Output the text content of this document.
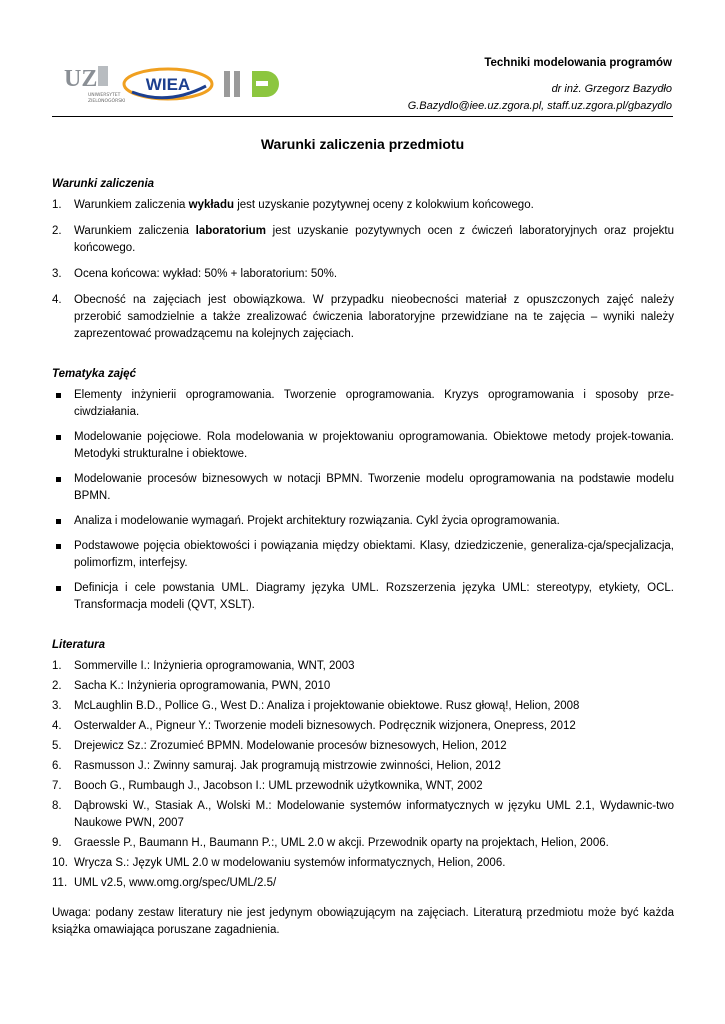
UZ
UNIWERSYTET
ZIELONOGÓRSKI
WIEA
Techniki modelowania programów
dr inż. Grzegorz Bazydło
G.Bazydlo@iee.uz.zgora.pl, staff.uz.zgora.pl/gbazydlo
Warunki zaliczenia przedmiotu
Warunki zaliczenia
1. Warunkiem zaliczenia wykładu jest uzyskanie pozytywnej oceny z kolokwium końcowego.
2. Warunkiem zaliczenia laboratorium jest uzyskanie pozytywnych ocen z ćwiczeń laboratoryjnych oraz projektu końcowego.
3. Ocena końcowa: wykład: 50% + laboratorium: 50%.
4. Obecność na zajęciach jest obowiązkowa. W przypadku nieobecności materiał z opuszczonych zajęć należy przerobić samodzielnie a także zrealizować ćwiczenia laboratoryjne przewidziane na te zajęcia – wyniki należy zaprezentować prowadzącemu na kolejnych zajęciach.
Tematyka zajęć
Elementy inżynierii oprogramowania. Tworzenie oprogramowania. Kryzys oprogramowania i sposoby prze-ciwdziałania.
Modelowanie pojęciowe. Rola modelowania w projektowaniu oprogramowania. Obiektowe metody projek-towania. Metodyki strukturalne i obiektowe.
Modelowanie procesów biznesowych w notacji BPMN. Tworzenie modelu oprogramowania na podstawie modelu BPMN.
Analiza i modelowanie wymagań. Projekt architektury rozwiązania. Cykl życia oprogramowania.
Podstawowe pojęcia obiektowości i powiązania między obiektami. Klasy, dziedziczenie, generaliza-cja/specjalizacja, polimorfizm, interfejsy.
Definicja i cele powstania UML. Diagramy języka UML. Rozszerzenia języka UML: stereotypy, etykiety, OCL. Transformacja modeli (QVT, XSLT).
Literatura
1. Sommerville I.: Inżynieria oprogramowania, WNT, 2003
2. Sacha K.: Inżynieria oprogramowania, PWN, 2010
3. McLaughlin B.D., Pollice G., West D.: Analiza i projektowanie obiektowe. Rusz głową!, Helion, 2008
4. Osterwalder A., Pigneur Y.: Tworzenie modeli biznesowych. Podręcznik wizjonera, Onepress, 2012
5. Drejewicz Sz.: Zrozumieć BPMN. Modelowanie procesów biznesowych, Helion, 2012
6. Rasmusson J.: Zwinny samuraj. Jak programują mistrzowie zwinności, Helion, 2012
7. Booch G., Rumbaugh J., Jacobson I.: UML przewodnik użytkownika, WNT, 2002
8. Dąbrowski W., Stasiak A., Wolski M.: Modelowanie systemów informatycznych w języku UML 2.1, Wydawnic-two Naukowe PWN, 2007
9. Graessle P., Baumann H., Baumann P.:, UML 2.0 w akcji. Przewodnik oparty na projektach, Helion, 2006.
10. Wrycza S.: Język UML 2.0 w modelowaniu systemów informatycznych, Helion, 2006.
11. UML v2.5, www.omg.org/spec/UML/2.5/
Uwaga: podany zestaw literatury nie jest jedynym obowiązującym na zajęciach. Literaturą przedmiotu może być każda książka omawiająca poruszane zagadnienia.
